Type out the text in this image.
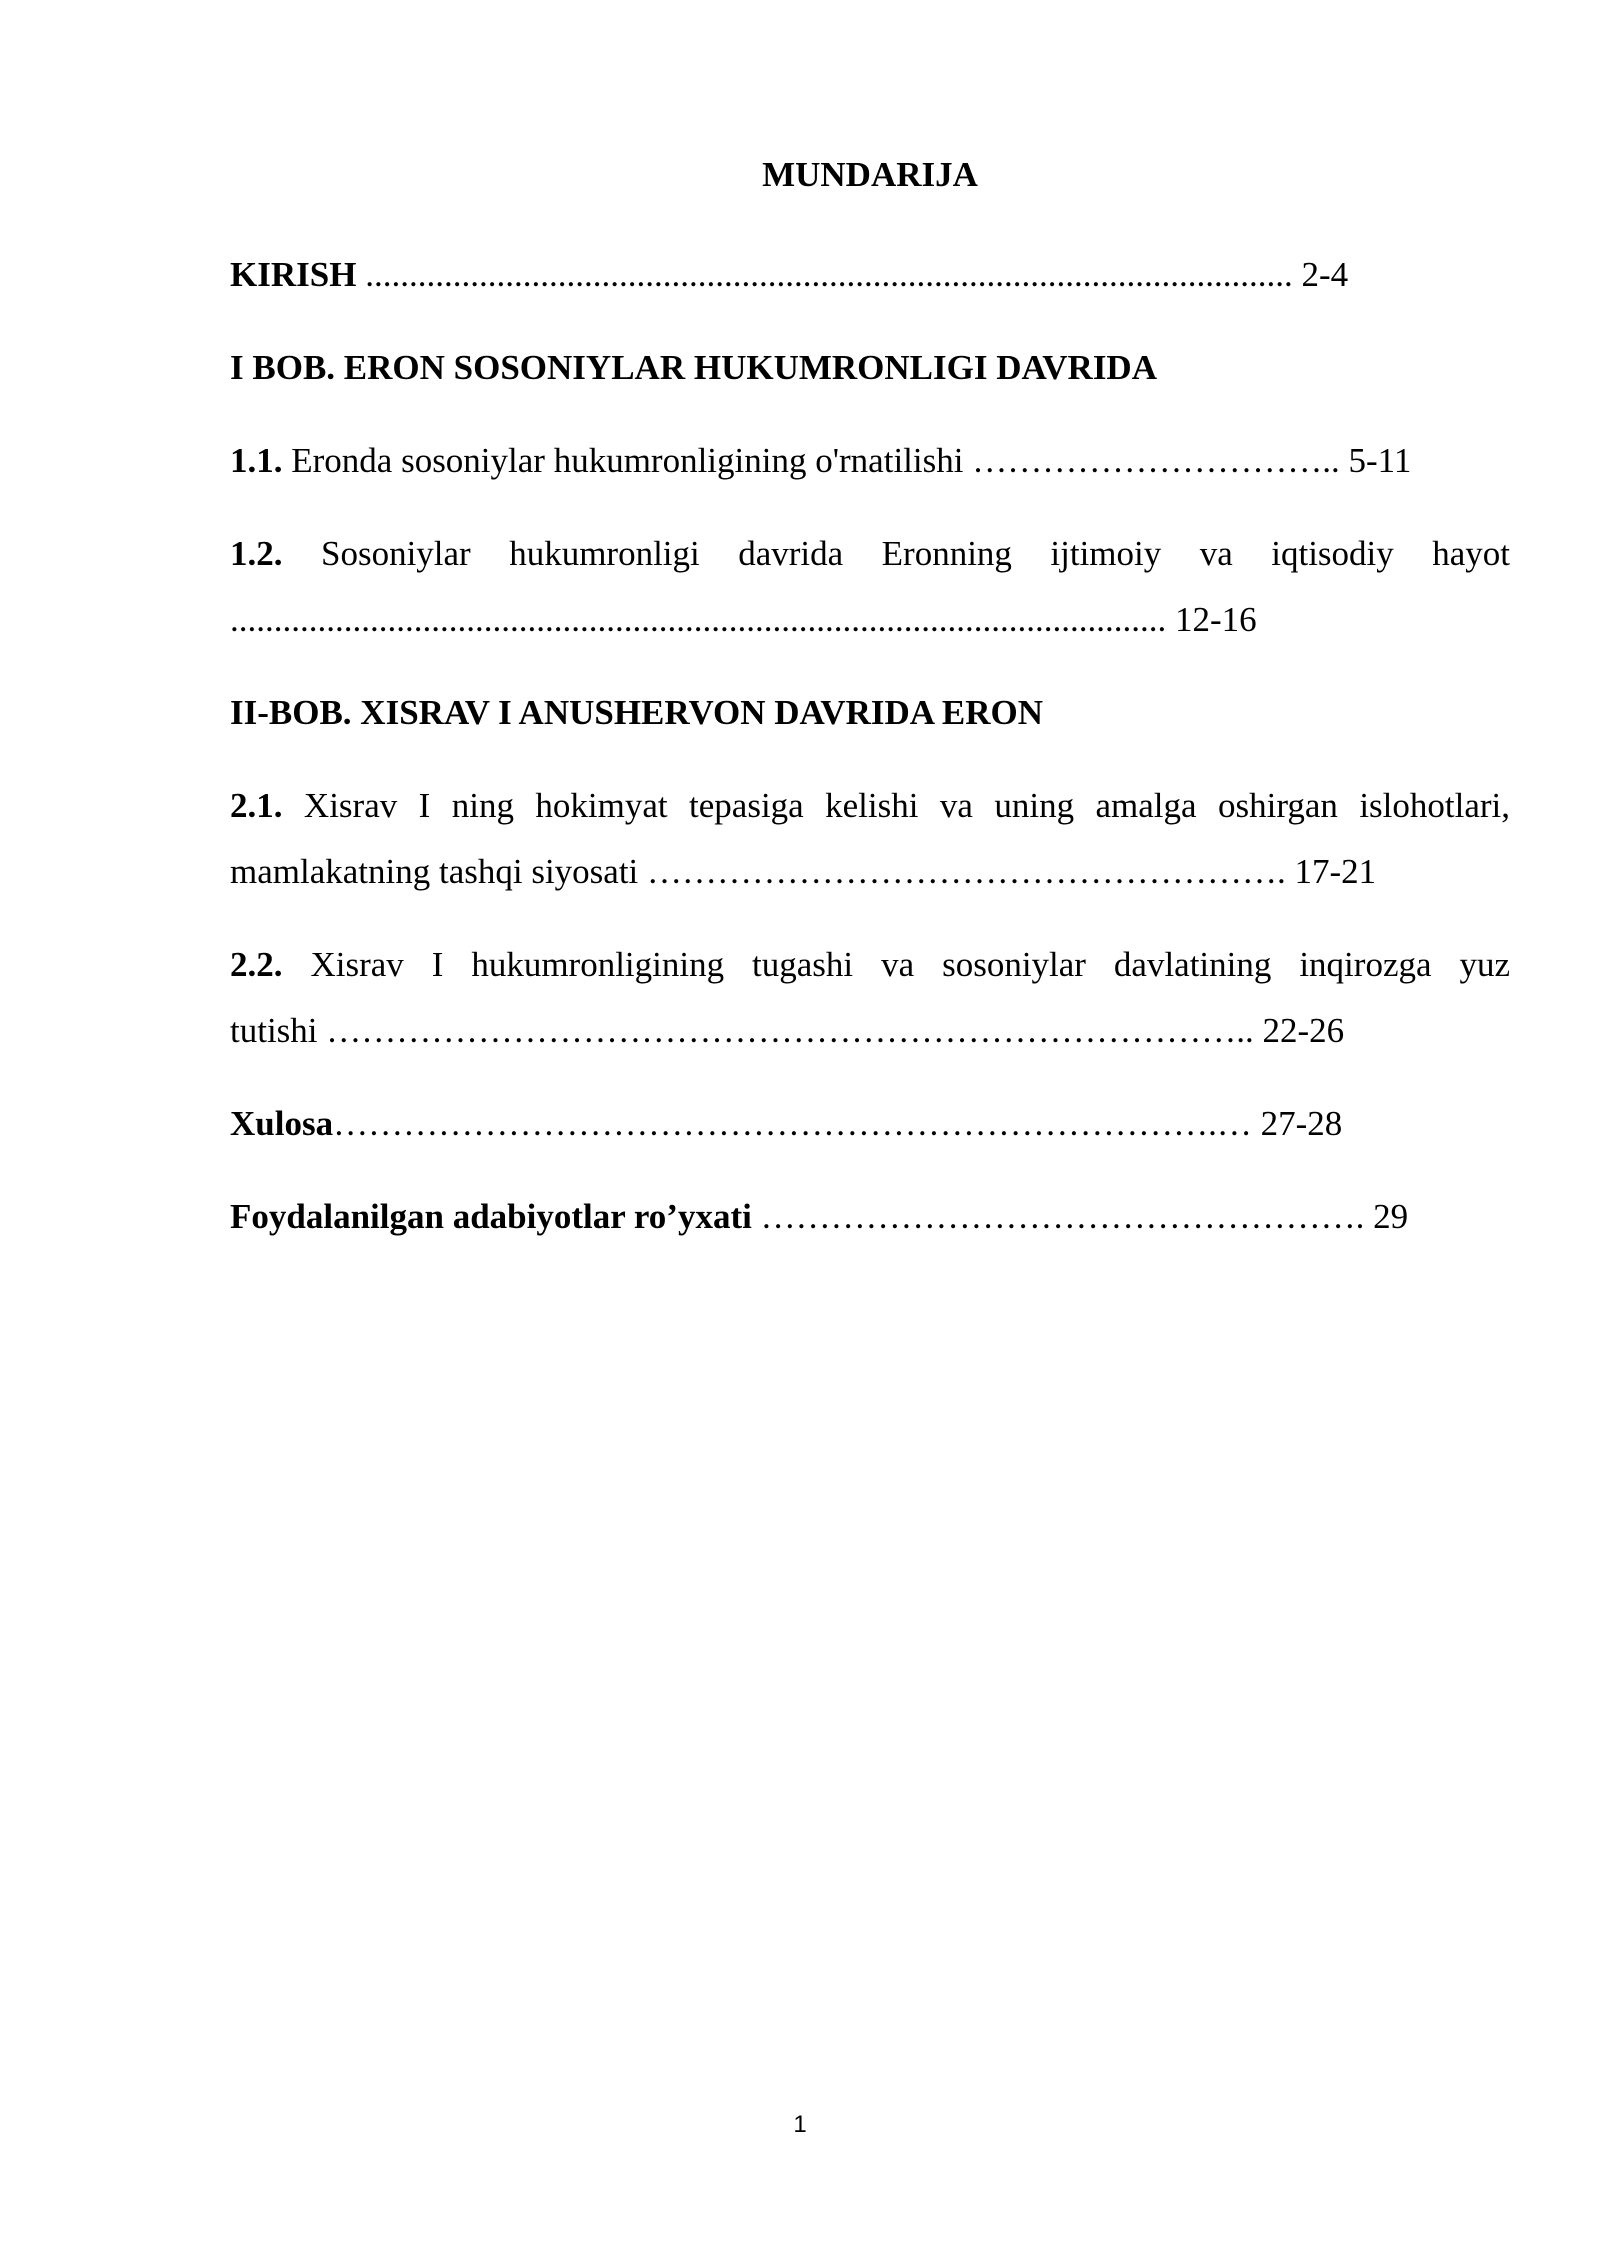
MUNDARIJA
KIRISH .......................................................................................................... 2-4
I BOB. ERON SOSONIYLAR HUKUMRONLIGI DAVRIDA
1.1. Eronda sosoniylar hukumronligining o'rnatilishi ………………………….. 5-11
1.2. Sosoniylar hukumronligi davrida Eronning ijtimoiy va iqtisodiy hayot
........................................................................................................... 12-16
II-BOB. XISRAV I ANUSHERVON DAVRIDA ERON
2.1. Xisrav I ning hokimyat tepasiga kelishi va uning amalga oshirgan islohotlari,
mamlakatning tashqi siyosati ………………………………………………. 17-21
2.2. Xisrav I hukumronligining tugashi va sosoniylar davlatining inqirozga yuz
tutishi …………………………………………………………………….. 22-26
Xulosa………………………………………………………………….… 27-28
Foydalanilgan adabiyotlar ro’yxati ……………………………………………. 29
1
